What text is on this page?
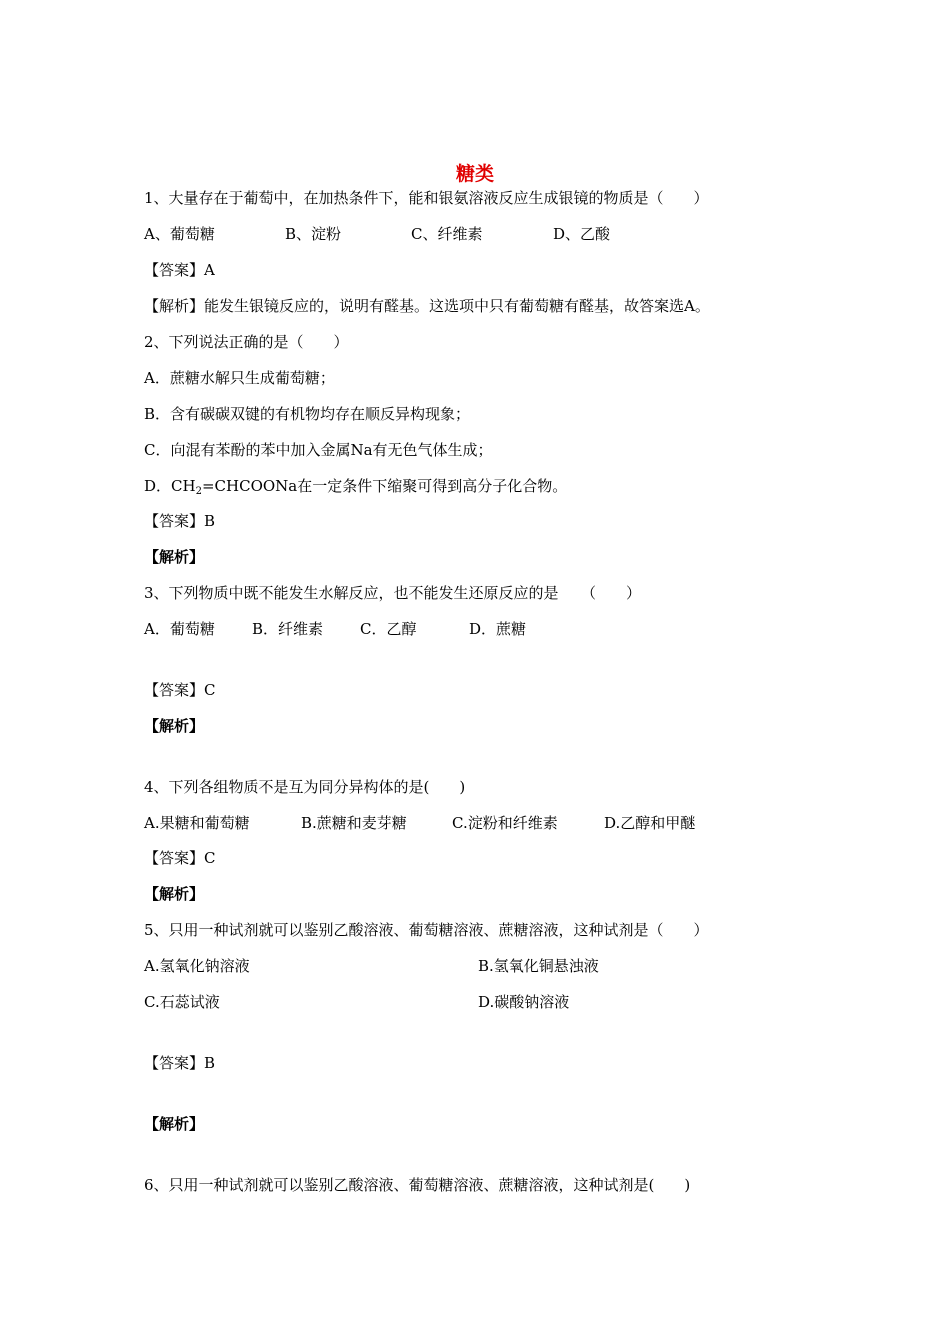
糖类
1、大量存在于葡萄中，在加热条件下，能和银氨溶液反应生成银镜的物质是（　　）
A、葡萄糖	B、淀粉	C、纤维素	D、乙酸
【答案】A
【解析】能发生银镜反应的，说明有醛基。这选项中只有葡萄糖有醛基，故答案选A。
2、下列说法正确的是（　　）
A．蔗糖水解只生成葡萄糖；
B．含有碳碳双键的有机物均存在顺反异构现象；
C．向混有苯酚的苯中加入金属Na有无色气体生成；
D．$CH_2=CHCOONa$在一定条件下缩聚可得到高分子化合物。
【答案】B
【解析】
3、下列物质中既不能发生水解反应，也不能发生还原反应的是　　（　　）
A．葡萄糖 B．纤维素 C．乙醇	D．蔗糖
【答案】C
【解析】
4、下列各组物质不是互为同分异构体的是(　　)
A.果糖和葡萄糖	B.蔗糖和麦芽糖	C.淀粉和纤维素	D.乙醇和甲醚
【答案】C
【解析】
5、只用一种试剂就可以鉴别乙酸溶液、葡萄糖溶液、蔗糖溶液，这种试剂是（　　）
A.氢氧化钠溶液	B.氢氧化铜悬浊液
C.石蕊试液	D.碳酸钠溶液
【答案】B
【解析】
6、只用一种试剂就可以鉴别乙酸溶液、葡萄糖溶液、蔗糖溶液，这种试剂是(　　)
